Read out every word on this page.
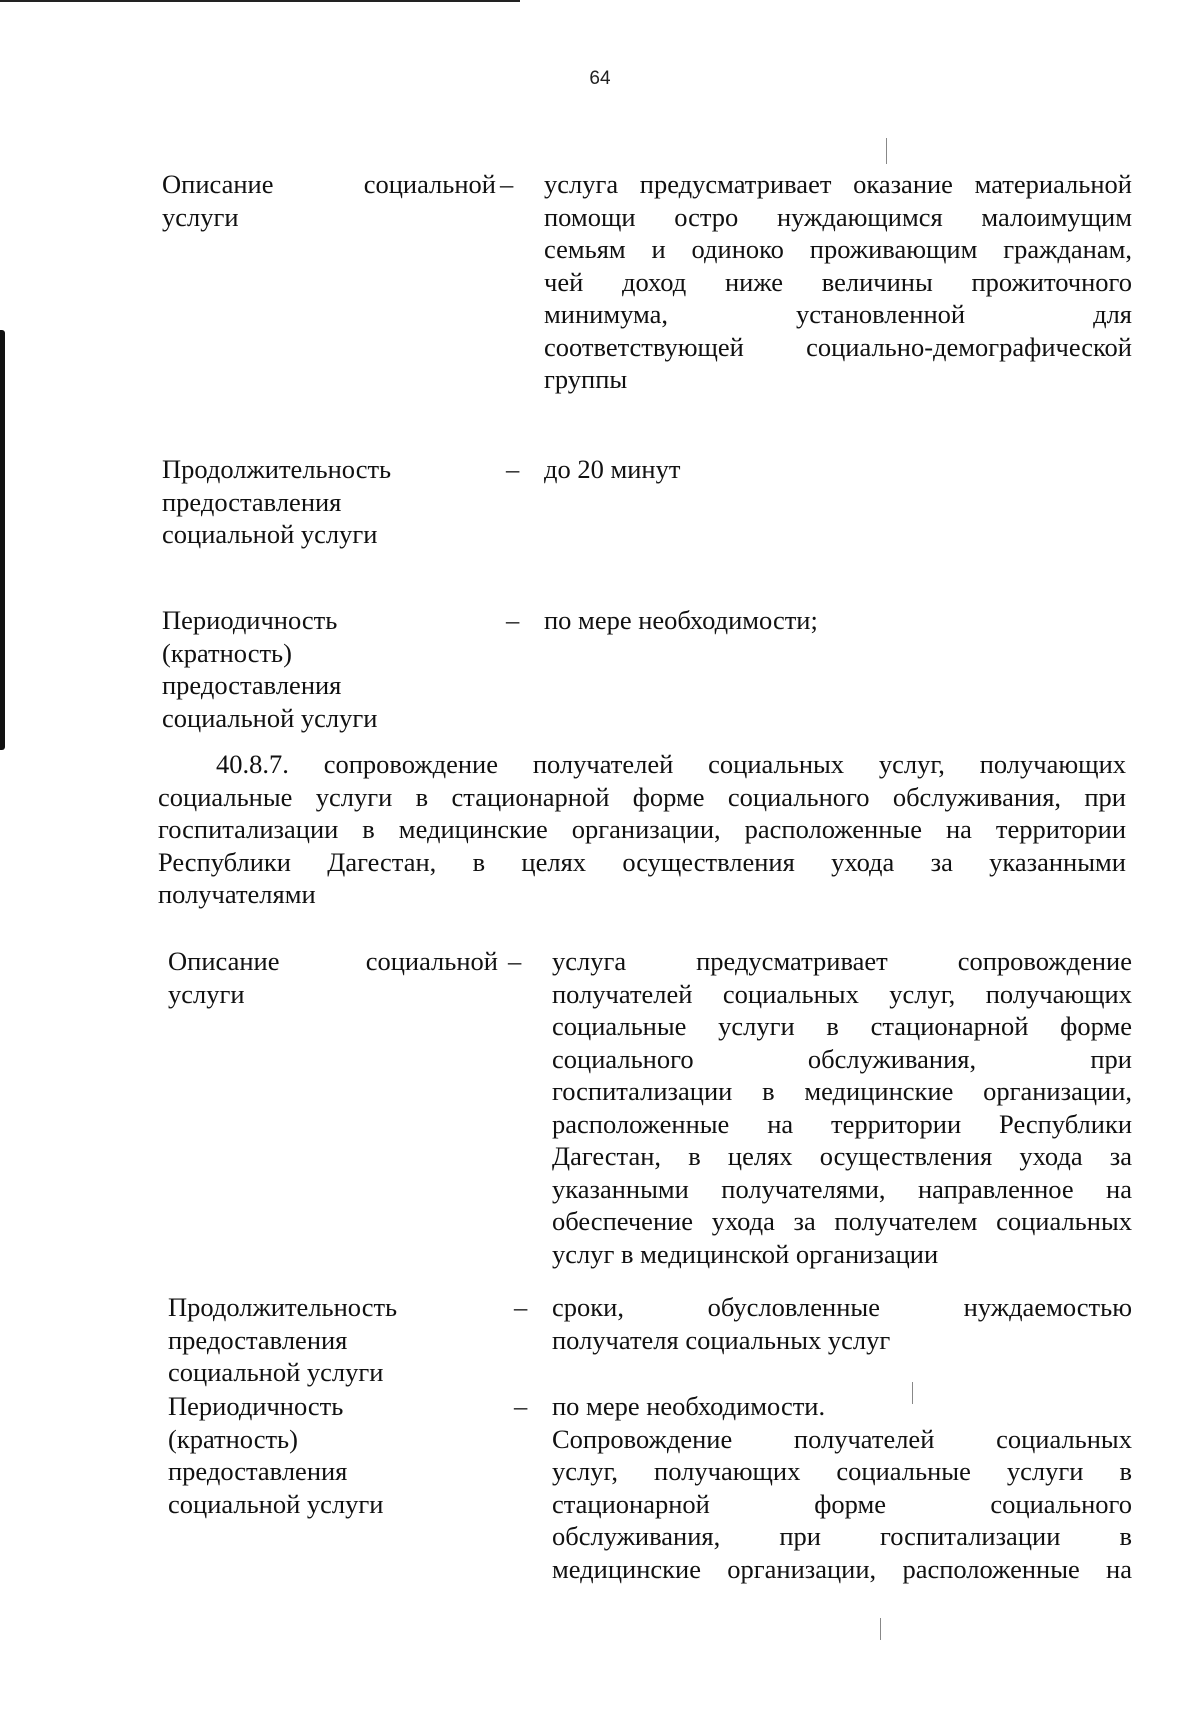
64
Описание социальной
услуги
– услуга предусматривает оказание материальной
помощи остро нуждающимся малоимущим
семьям и одиноко проживающим гражданам,
чей доход ниже величины прожиточного
минимума, установленной для
соответствующей социально-демографической
группы
Продолжительность
предоставления
социальной услуги
– до 20 минут
Периодичность
(кратность)
предоставления
социальной услуги
– по мере необходимости;
40.8.7. сопровождение получателей социальных услуг, получающих
социальные услуги в стационарной форме социального обслуживания, при
госпитализации в медицинские организации, расположенные на территории
Республики Дагестан, в целях осуществления ухода за указанными
получателями
Описание социальной
услуги
– услуга предусматривает сопровождение
получателей социальных услуг, получающих
социальные услуги в стационарной форме
социального обслуживания, при
госпитализации в медицинские организации,
расположенные на территории Республики
Дагестан, в целях осуществления ухода за
указанными получателями, направленное на
обеспечение ухода за получателем социальных
услуг в медицинской организации
Продолжительность
предоставления
социальной услуги
– сроки, обусловленные нуждаемостью
получателя социальных услуг
Периодичность
(кратность)
предоставления
социальной услуги
– по мере необходимости.
Сопровождение получателей социальных
услуг, получающих социальные услуги в
стационарной форме социального
обслуживания, при госпитализации в
медицинские организации, расположенные на
